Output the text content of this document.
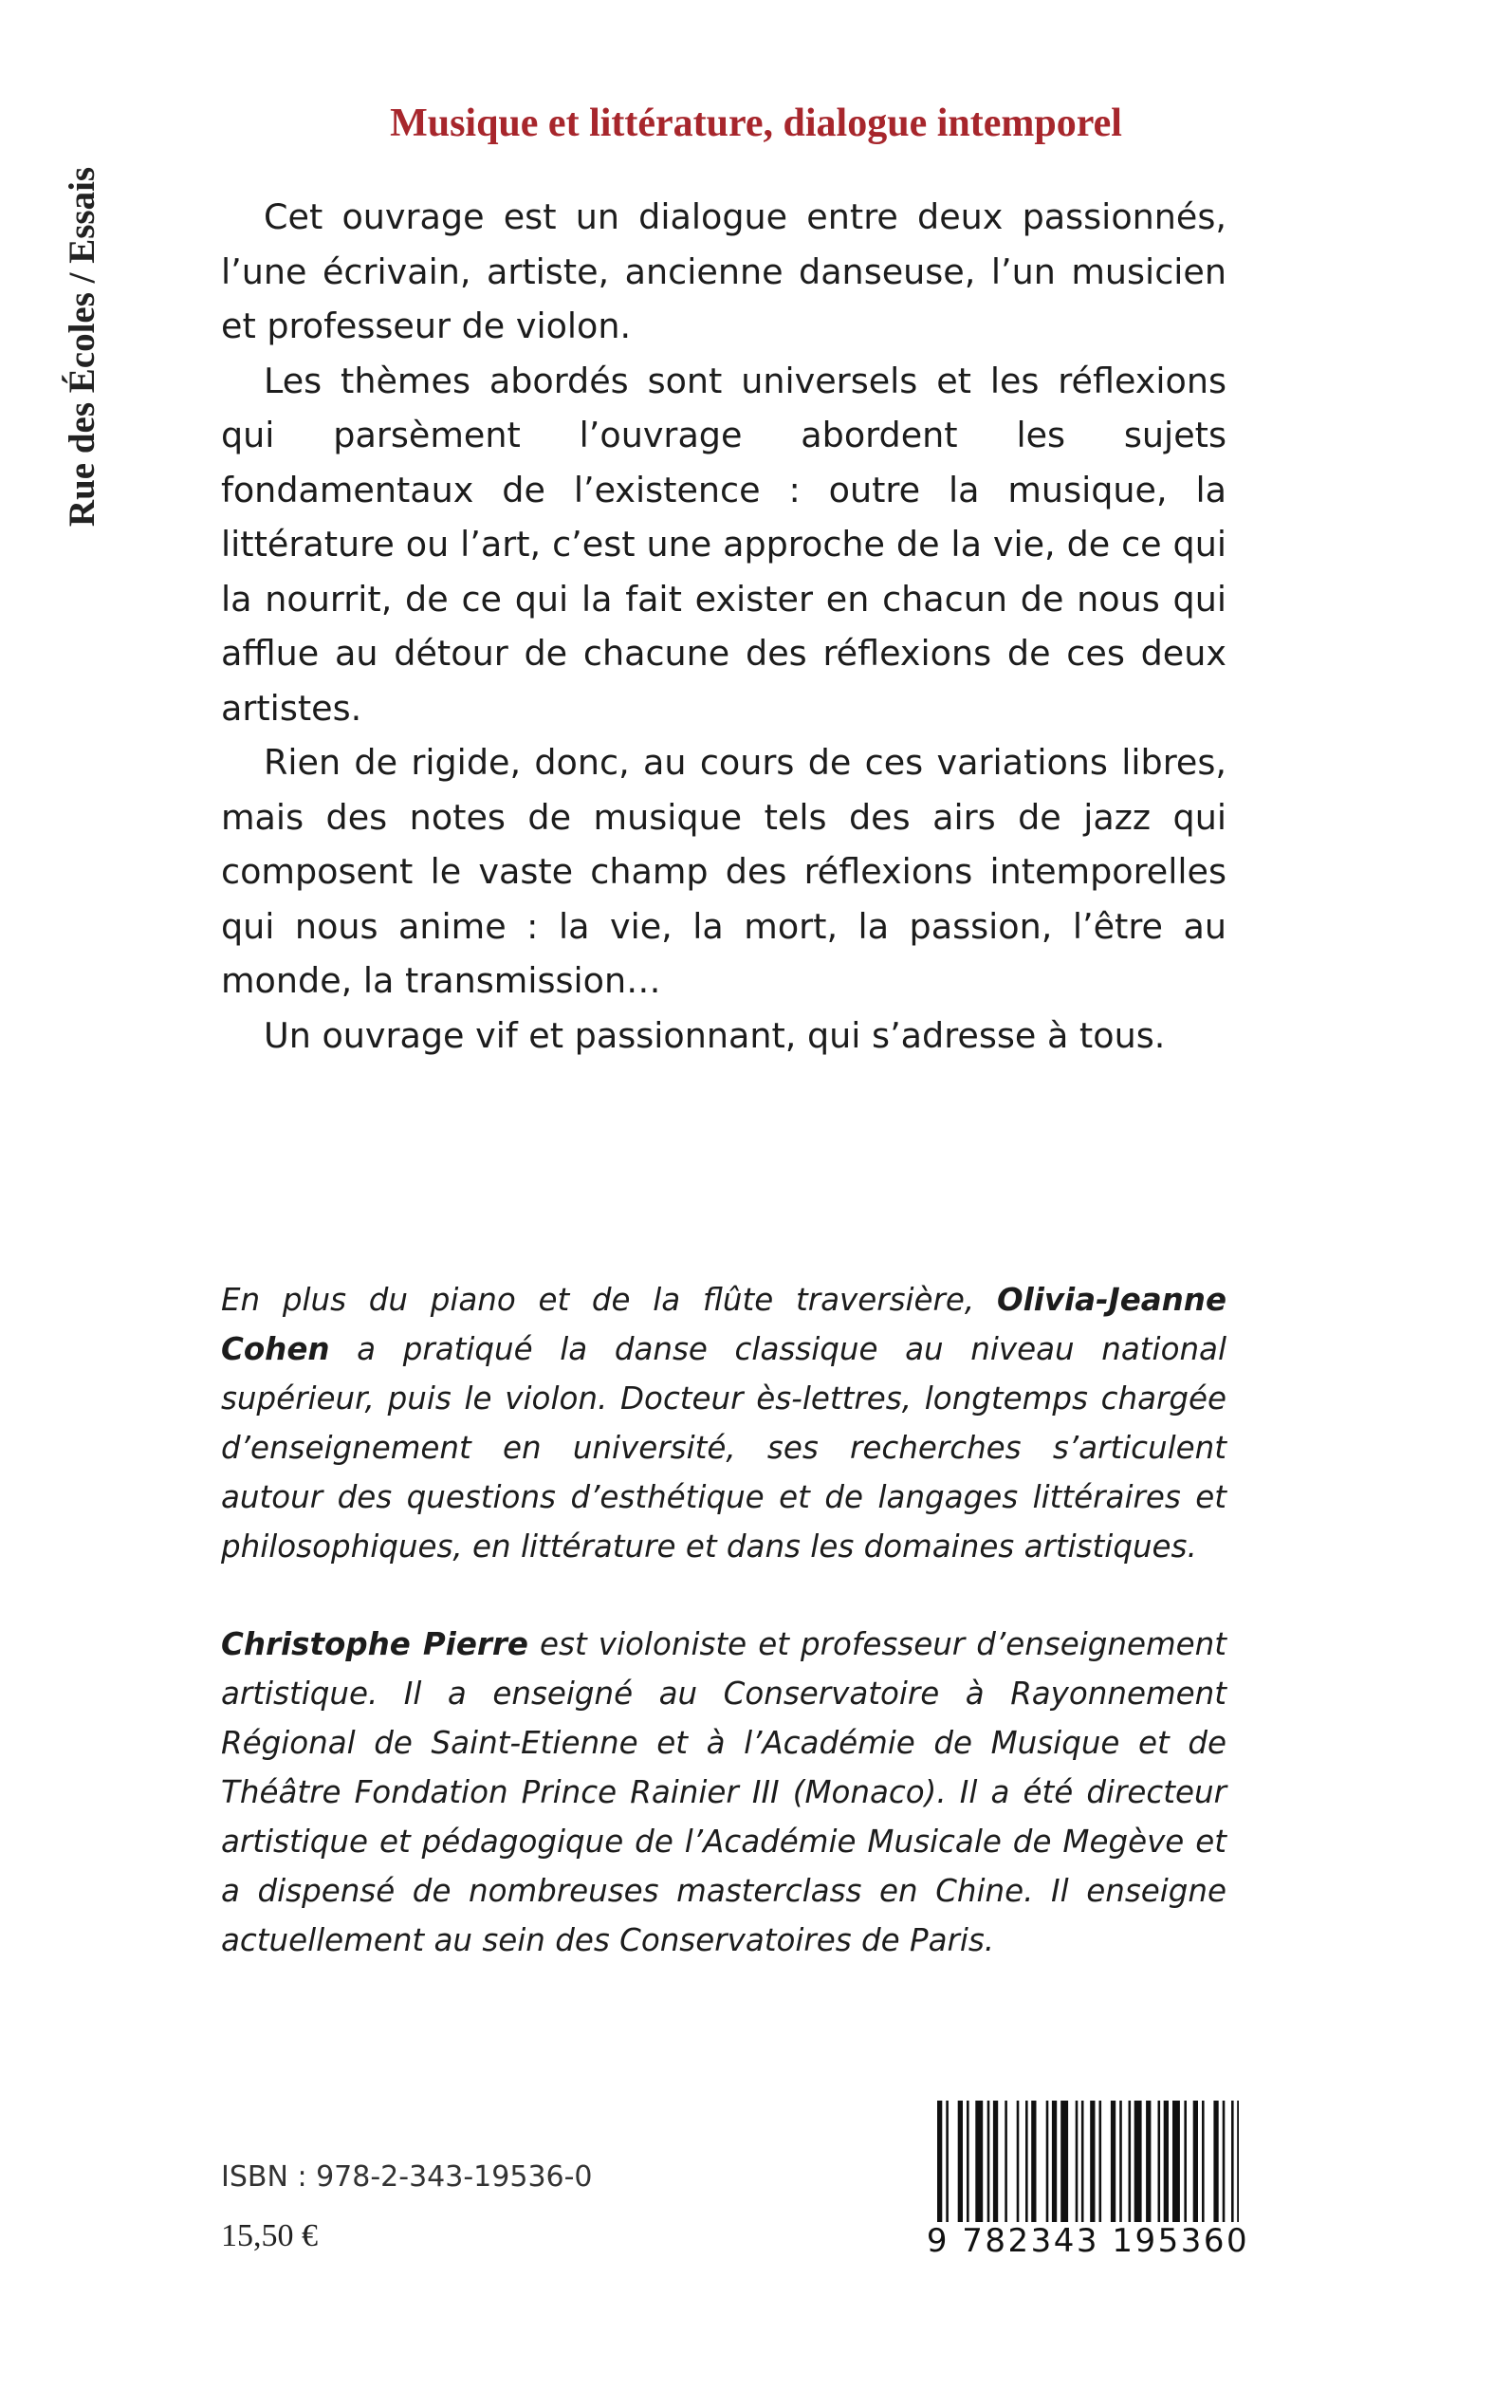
Rue des Écoles / Essais
Musique et littérature, dialogue intemporel

Cet ouvrage est un dialogue entre deux passionnés, l’une écrivain, artiste, ancienne danseuse, l’un musicien et professeur de violon.

Les thèmes abordés sont universels et les réflexions qui parsèment l’ouvrage abordent les sujets fondamentaux de l’existence : outre la musique, la littérature ou l’art, c’est une approche de la vie, de ce qui la nourrit, de ce qui la fait exister en chacun de nous qui afflue au détour de chacune des réflexions de ces deux artistes.

Rien de rigide, donc, au cours de ces variations libres, mais des notes de musique tels des airs de jazz qui composent le vaste champ des réflexions intemporelles qui nous anime : la vie, la mort, la passion, l’être au monde, la transmission…

Un ouvrage vif et passionnant, qui s’adresse à tous.

En plus du piano et de la flûte traversière, Olivia-Jeanne Cohen a pratiqué la danse classique au niveau national supérieur, puis le violon. Docteur ès-lettres, longtemps chargée d’enseignement en université, ses recherches s’articulent autour des questions d’esthétique et de langages littéraires et philosophiques, en littérature et dans les domaines artistiques.

Christophe Pierre est violoniste et professeur d’enseignement artistique. Il a enseigné au Conservatoire à Rayonnement Régional de Saint-Etienne et à l’Académie de Musique et de Théâtre Fondation Prince Rainier III (Monaco). Il a été directeur artistique et pédagogique de l’Académie Musicale de Megève et a dispensé de nombreuses masterclass en Chine. Il enseigne actuellement au sein des Conservatoires de Paris.

ISBN : 978-2-343-19536-0
15,50 €	9 782343 195360
